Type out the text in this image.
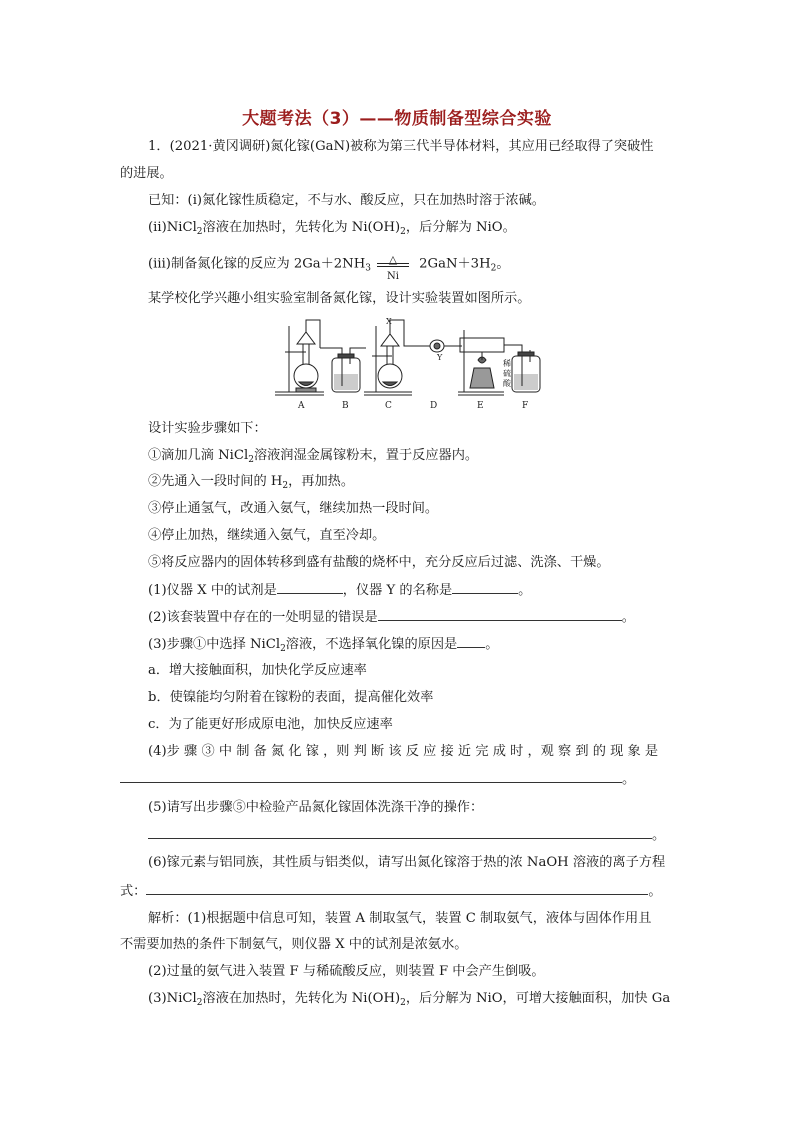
大题考法（3）——物质制备型综合实验
1．(2021·黄冈调研)氮化镓(GaN)被称为第三代半导体材料，其应用已经取得了突破性
的进展。
已知：(ⅰ)氮化镓性质稳定，不与水、酸反应，只在加热时溶于浓碱。
(ⅱ)NiCl$_2$溶液在加热时，先转化为 $Ni(OH)_2$，后分解为 NiO。
(ⅲ)制备氮化镓的反应为 $2Ga+2NH_3$
△
Ni
$2GaN+3H_2$。
某学校化学兴趣小组实验室制备氮化镓，设计实验装置如图所示。
X
Y
稀
硫
酸
A	B	C	D	E	F
设计实验步骤如下：
①滴加几滴 NiCl$_2$溶液润湿金属镓粉末，置于反应器内。
②先通入一段时间的 $H_2$，再加热。
③停止通氢气，改通入氨气，继续加热一段时间。
④停止加热，继续通入氨气，直至冷却。
⑤将反应器内的固体转移到盛有盐酸的烧杯中，充分反应后过滤、洗涤、干燥。
(1)仪器 X 中的试剂是	，仪器 Y 的名称是	。
(2)该套装置中存在的一处明显的错误是	。
(3)步骤①中选择 NiCl$_2$溶液，不选择氧化镍的原因是 。
a．增大接触面积，加快化学反应速率
b．使镍能均匀附着在镓粉的表面，提高催化效率
c．为了能更好形成原电池，加快反应速率
(4)步 骤 ③ 中 制 备 氮 化 镓 ，则 判 断 该 反 应 接 近 完 成 时 ，观 察 到 的 现 象 是
。
(5)请写出步骤⑤中检验产品氮化镓固体洗涤干净的操作：
。
(6)镓元素与铝同族，其性质与铝类似，请写出氮化镓溶于热的浓 NaOH 溶液的离子方程
式：	。
解析：(1)根据题中信息可知，装置 A 制取氢气，装置 C 制取氨气，液体与固体作用且
不需要加热的条件下制氨气，则仪器 X 中的试剂是浓氨水。
(2)过量的氨气进入装置 F 与稀硫酸反应，则装置 F 中会产生倒吸。
(3)NiCl$_2$溶液在加热时，先转化为 $Ni(OH)_2$，后分解为 NiO，可增大接触面积，加快 Ga
